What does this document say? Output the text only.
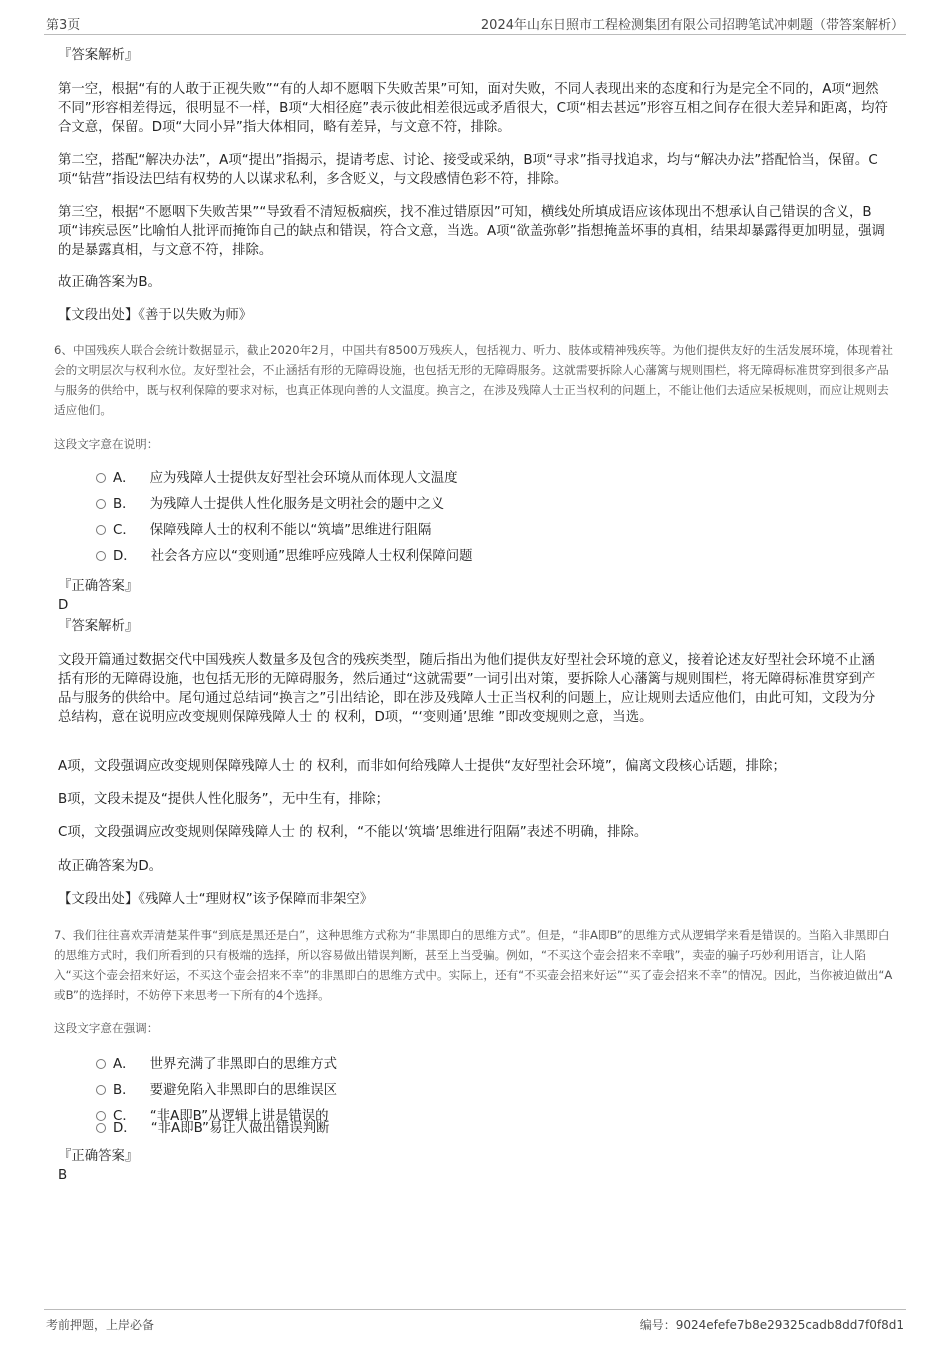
第3页	2024年山东日照市工程检测集团有限公司招聘笔试冲刺题（带答案解析）
『答案解析』

第一空，根据“有的人敢于正视失败”“有的人却不愿咽下失败苦果”可知，面对失败，不同人表现出来的态度和行为是完全不同的，A项“迥然不同”形容相差得远，很明显不一样，B项“大相径庭”表示彼此相差很远或矛盾很大，C项“相去甚远”形容互相之间存在很大差异和距离，均符合文意，保留。D项“大同小异”指大体相同，略有差异，与文意不符，排除。

第二空，搭配“解决办法”，A项“提出”指揭示，提请考虑、讨论、接受或采纳，B项“寻求”指寻找追求，均与“解决办法”搭配恰当，保留。C项“钻营”指设法巴结有权势的人以谋求私利，多含贬义，与文段感情色彩不符，排除。

第三空，根据“不愿咽下失败苦果”“导致看不清短板痼疾，找不准过错原因”可知，横线处所填成语应该体现出不想承认自己错误的含义，B项“讳疾忌医”比喻怕人批评而掩饰自己的缺点和错误，符合文意，当选。A项“欲盖弥彰”指想掩盖坏事的真相，结果却暴露得更加明显，强调的是暴露真相，与文意不符，排除。

故正确答案为B。
【文段出处】《善于以失败为师》

6、中国残疾人联合会统计数据显示，截止2020年2月，中国共有8500万残疾人，包括视力、听力、肢体或精神残疾等。为他们提供友好的生活发展环境，体现着社会的文明层次与权利水位。友好型社会，不止涵括有形的无障碍设施，也包括无形的无障碍服务。这就需要拆除人心藩篱与规则围栏，将无障碍标准贯穿到很多产品与服务的供给中，既与权利保障的要求对标，也真正体现向善的人文温度。换言之，在涉及残障人士正当权利的问题上，不能让他们去适应呆板规则，而应让规则去适应他们。

这段文字意在说明：
A． 应为残障人士提供友好型社会环境从而体现人文温度
B． 为残障人士提供人性化服务是文明社会的题中之义
C． 保障残障人士的权利不能以“筑墙”思维进行阻隔
D． 社会各方应以“变则通”思维呼应残障人士权利保障问题
『正确答案』
D
『答案解析』

文段开篇通过数据交代中国残疾人数量多及包含的残疾类型，随后指出为他们提供友好型社会环境的意义，接着论述友好型社会环境不止涵括有形的无障碍设施，也包括无形的无障碍服务，然后通过“这就需要”一词引出对策，要拆除人心藩篱与规则围栏，将无障碍标准贯穿到产品与服务的供给中。尾句通过总结词“换言之”引出结论，即在涉及残障人士正当权利的问题上，应让规则去适应他们，由此可知，文段为分总结构，意在说明应改变规则保障残障人士 的 权利，D项，“‘变则通’思维 ”即改变规则之意，当选。

A项，文段强调应改变规则保障残障人士 的 权利，而非如何给残障人士提供“友好型社会环境”，偏离文段核心话题，排除；
B项，文段未提及“提供人性化服务”，无中生有，排除；
C项，文段强调应改变规则保障残障人士 的 权利，“不能以‘筑墙’思维进行阻隔”表述不明确，排除。
故正确答案为D。
【文段出处】《残障人士“理财权”该予保障而非架空》

7、我们往往喜欢弄清楚某件事“到底是黑还是白”，这种思维方式称为“非黑即白的思维方式”。但是，“非A即B”的思维方式从逻辑学来看是错误的。当陷入非黑即白的思维方式时，我们所看到的只有极端的选择，所以容易做出错误判断，甚至上当受骗。例如，“不买这个壶会招来不幸哦”，卖壶的骗子巧妙利用语言，让人陷入“买这个壶会招来好运，不买这个壶会招来不幸”的非黑即白的思维方式中。实际上，还有“不买壶会招来好运”“买了壶会招来不幸”的情况。因此，当你被迫做出“A或B”的选择时，不妨停下来思考一下所有的4个选择。

这段文字意在强调：
A． 世界充满了非黑即白的思维方式
B． 要避免陷入非黑即白的思维误区
C． “非A即B”从逻辑上讲是错误的
D． “非A即B”易让人做出错误判断
『正确答案』
B
考前押题，上岸必备	编号：9024efefe7b8e29325cadb8dd7f0f8d1
